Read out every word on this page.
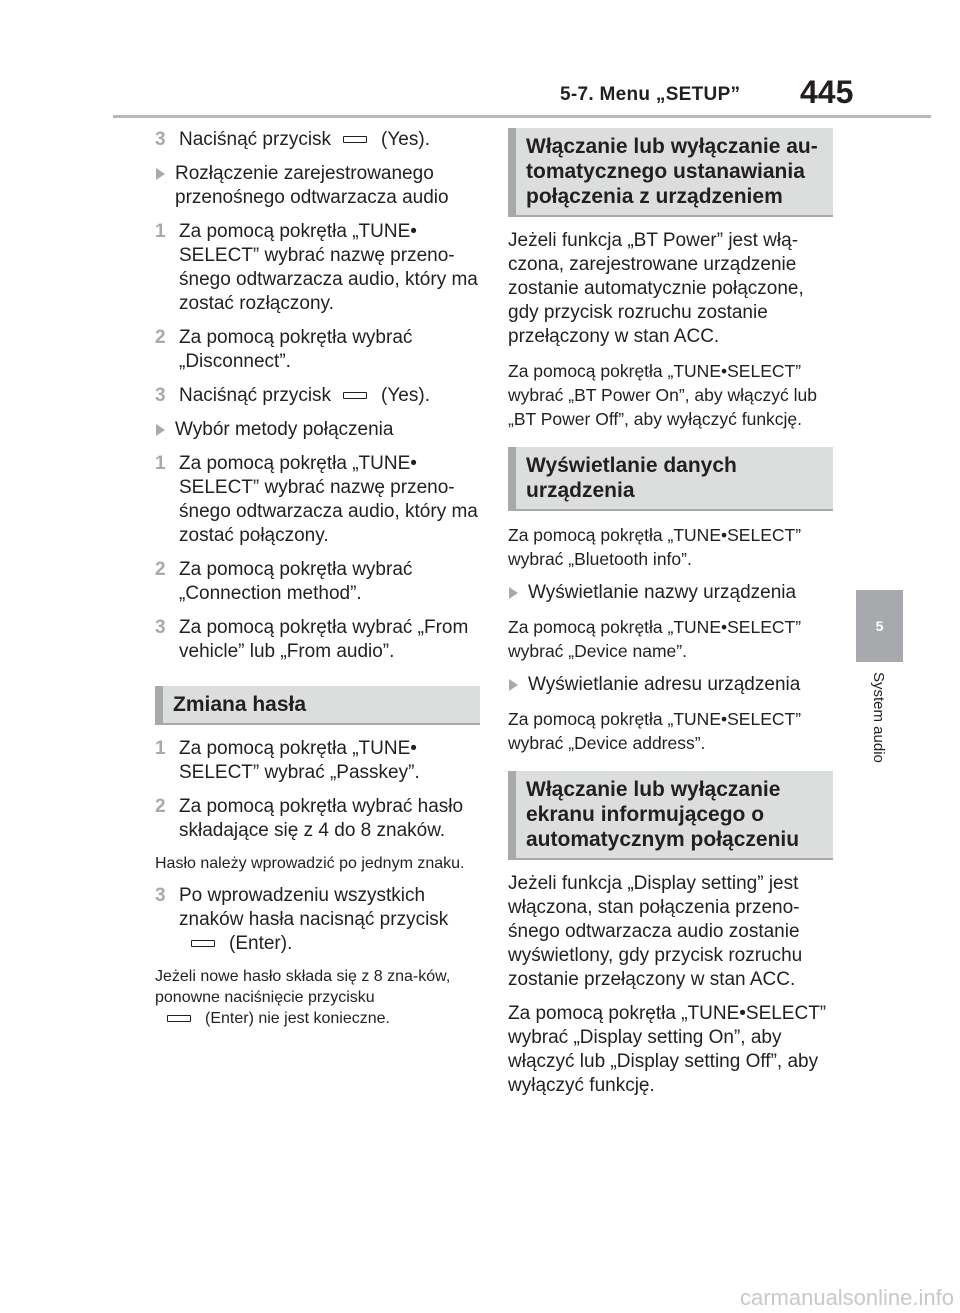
5-7. Menu „SETUP” 445
5
System audio
3 Naciśnąć przycisk	(Yes).
Rozłączenie zarejestrowanego przenośnego odtwarzacza audio
1 Za pomocą pokrętła „TUNE• SELECT” wybrać nazwę przeno-śnego odtwarzacza audio, który ma zostać rozłączony.
2 Za pomocą pokrętła wybrać „Disconnect”.
3 Naciśnąć przycisk	(Yes).
Wybór metody połączenia
1 Za pomocą pokrętła „TUNE• SELECT” wybrać nazwę przeno-śnego odtwarzacza audio, który ma zostać połączony.
2 Za pomocą pokrętła wybrać „Connection method”.
3 Za pomocą pokrętła wybrać „From vehicle” lub „From audio”.
Zmiana hasła
1 Za pomocą pokrętła „TUNE• SELECT” wybrać „Passkey”.
2 Za pomocą pokrętła wybrać hasło składające się z 4 do 8 znaków.
Hasło należy wprowadzić po jednym znaku.
3 Po wprowadzeniu wszystkich znaków hasła nacisnąć przycisk
(Enter).
Jeżeli nowe hasło składa się z 8 zna-ków, ponowne naciśnięcie przycisku
(Enter) nie jest konieczne.
Włączanie lub wyłączanie au-tomatycznego ustanawiania połączenia z urządzeniem
Jeżeli funkcja „BT Power” jest włą-czona, zarejestrowane urządzenie zostanie automatycznie połączone, gdy przycisk rozruchu zostanie przełączony w stan ACC.
Za pomocą pokrętła „TUNE•SELECT” wybrać „BT Power On”, aby włączyć lub „BT Power Off”, aby wyłączyć funkcję.
Wyświetlanie danych urządzenia
Za pomocą pokrętła „TUNE•SELECT” wybrać „Bluetooth info”.
Wyświetlanie nazwy urządzenia
Za pomocą pokrętła „TUNE•SELECT” wybrać „Device name”.
Wyświetlanie adresu urządzenia
Za pomocą pokrętła „TUNE•SELECT” wybrać „Device address”.
Włączanie lub wyłączanie ekranu informującego o automatycznym połączeniu
Jeżeli funkcja „Display setting” jest włączona, stan połączenia przeno-śnego odtwarzacza audio zostanie wyświetlony, gdy przycisk rozruchu zostanie przełączony w stan ACC.
Za pomocą pokrętła „TUNE•SELECT” wybrać „Display setting On”, aby włączyć lub „Display setting Off”, aby wyłączyć funkcję.
carmanualsonline.info
